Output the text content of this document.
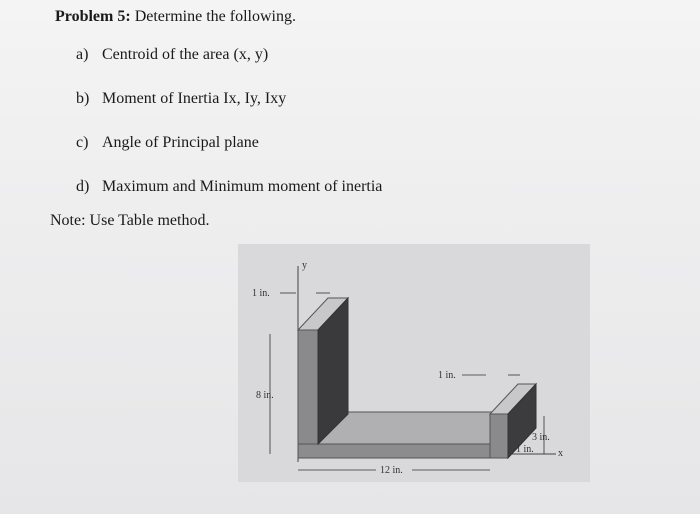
Problem 5: Determine the following.
a) Centroid of the area (x, y)
b) Moment of Inertia Ix, Iy, Ixy
c) Angle of Principal plane
d) Maximum and Minimum moment of inertia
Note: Use Table method.
y
x
1 in.
8 in.
1 in.
3 in.
1 in.
12 in.
